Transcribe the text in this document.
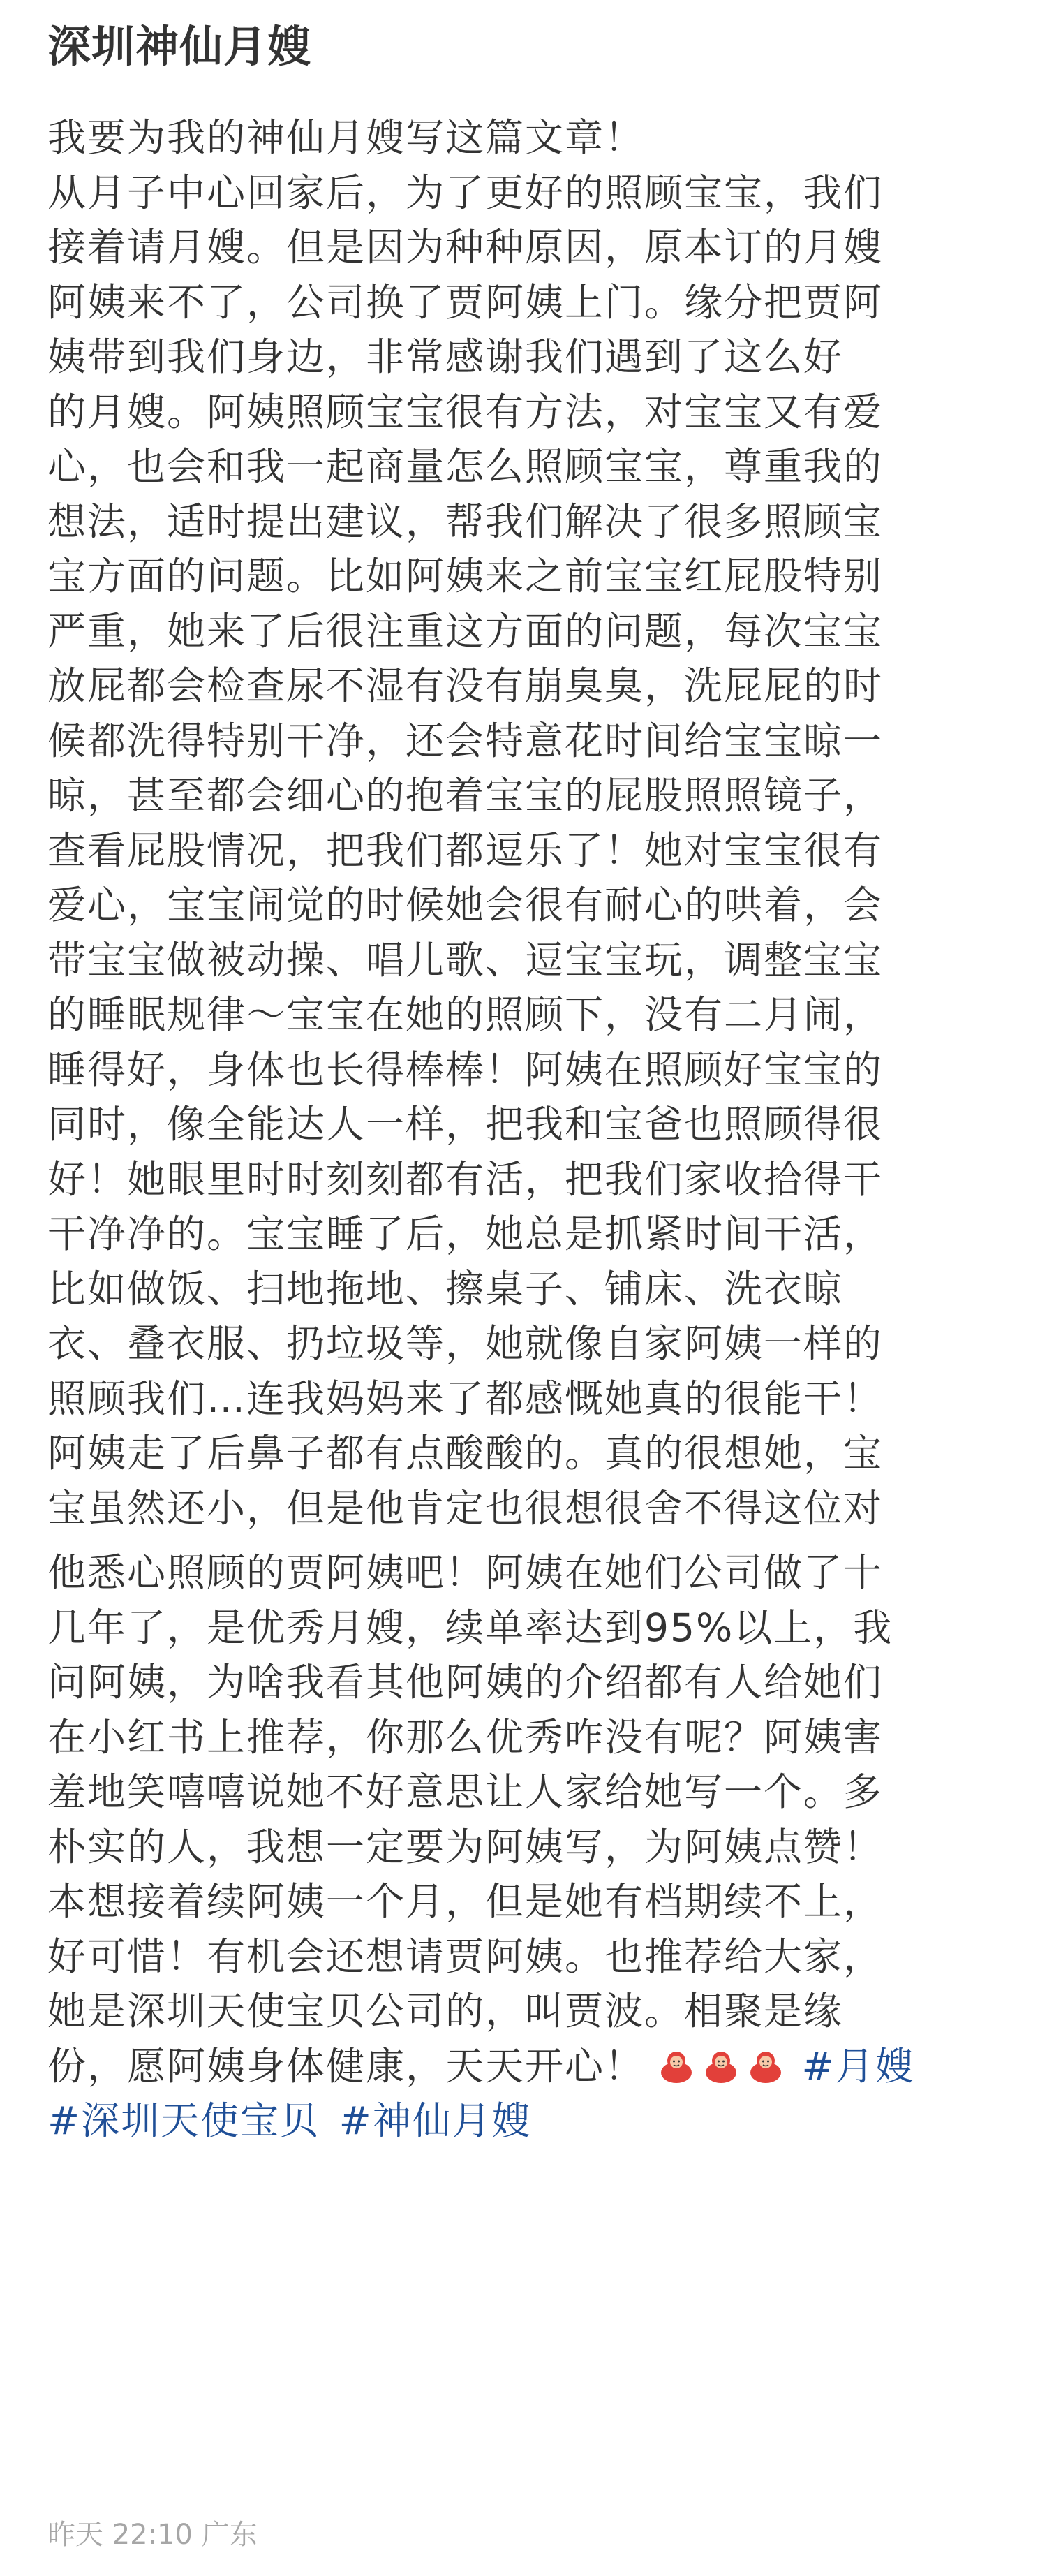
深圳神仙月嫂
我要为我的神仙月嫂写这篇文章！
从月子中心回家后，为了更好的照顾宝宝，我们
接着请月嫂。但是因为种种原因，原本订的月嫂
阿姨来不了，公司换了贾阿姨上门。缘分把贾阿
姨带到我们身边，非常感谢我们遇到了这么好
的月嫂。阿姨照顾宝宝很有方法，对宝宝又有爱
心，也会和我一起商量怎么照顾宝宝，尊重我的
想法，适时提出建议，帮我们解决了很多照顾宝
宝方面的问题。比如阿姨来之前宝宝红屁股特别
严重，她来了后很注重这方面的问题，每次宝宝
放屁都会检查尿不湿有没有崩臭臭，洗屁屁的时
候都洗得特别干净，还会特意花时间给宝宝晾一
晾，甚至都会细心的抱着宝宝的屁股照照镜子，
查看屁股情况，把我们都逗乐了！她对宝宝很有
爱心，宝宝闹觉的时候她会很有耐心的哄着，会
带宝宝做被动操、唱儿歌、逗宝宝玩，调整宝宝
的睡眠规律～宝宝在她的照顾下，没有二月闹，
睡得好，身体也长得棒棒！阿姨在照顾好宝宝的
同时，像全能达人一样，把我和宝爸也照顾得很
好！她眼里时时刻刻都有活，把我们家收拾得干
干净净的。宝宝睡了后，她总是抓紧时间干活，
比如做饭、扫地拖地、擦桌子、铺床、洗衣晾
衣、叠衣服、扔垃圾等，她就像自家阿姨一样的
照顾我们…连我妈妈来了都感慨她真的很能干！
阿姨走了后鼻子都有点酸酸的。真的很想她，宝
宝虽然还小，但是他肯定也很想很舍不得这位对
他悉心照顾的贾阿姨吧！阿姨在她们公司做了十
几年了，是优秀月嫂，续单率达到95%以上，我
问阿姨，为啥我看其他阿姨的介绍都有人给她们
在小红书上推荐，你那么优秀咋没有呢？阿姨害
羞地笑嘻嘻说她不好意思让人家给她写一个。多
朴实的人，我想一定要为阿姨写，为阿姨点赞！
本想接着续阿姨一个月，但是她有档期续不上，
好可惜！有机会还想请贾阿姨。也推荐给大家，
她是深圳天使宝贝公司的，叫贾波。相聚是缘
份，愿阿姨身体健康，天天开心！	#月嫂
#深圳天使宝贝 #神仙月嫂
昨天 22:10 广东
